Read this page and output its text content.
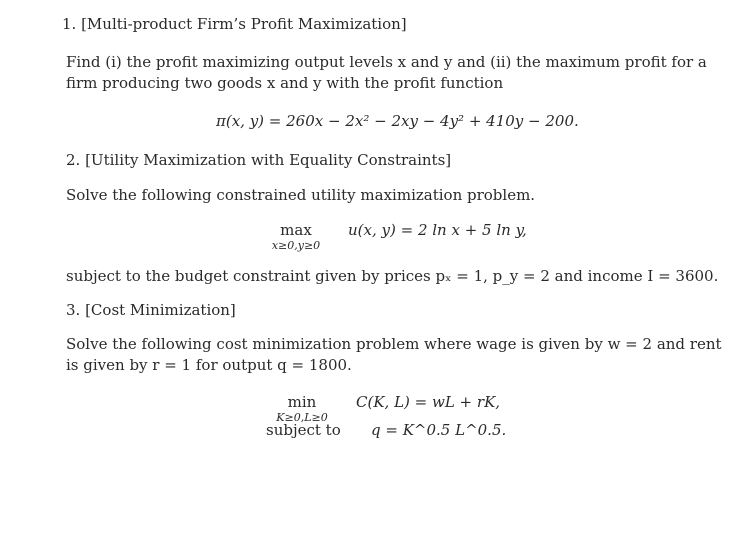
1. [Multi-product Firm’s Profit Maximization]
Find (i) the profit maximizing output levels x and y and (ii) the maximum profit for a
firm producing two goods x and y with the profit function
π(x, y) = 260x − 2x² − 2xy − 4y² + 410y − 200.
2. [Utility Maximization with Equality Constraints]
Solve the following constrained utility maximization problem.
max
x≥0,y≥0
u(x, y) = 2 ln x + 5 ln y,
subject to the budget constraint given by prices pₓ = 1, p_y = 2 and income I = 3600.
3. [Cost Minimization]
Solve the following cost minimization problem where wage is given by w = 2 and rent
is given by r = 1 for output q = 1800.
min
K≥0,L≥0
subject to
C(K, L) = wL + rK,
q = K^0.5 L^0.5.
